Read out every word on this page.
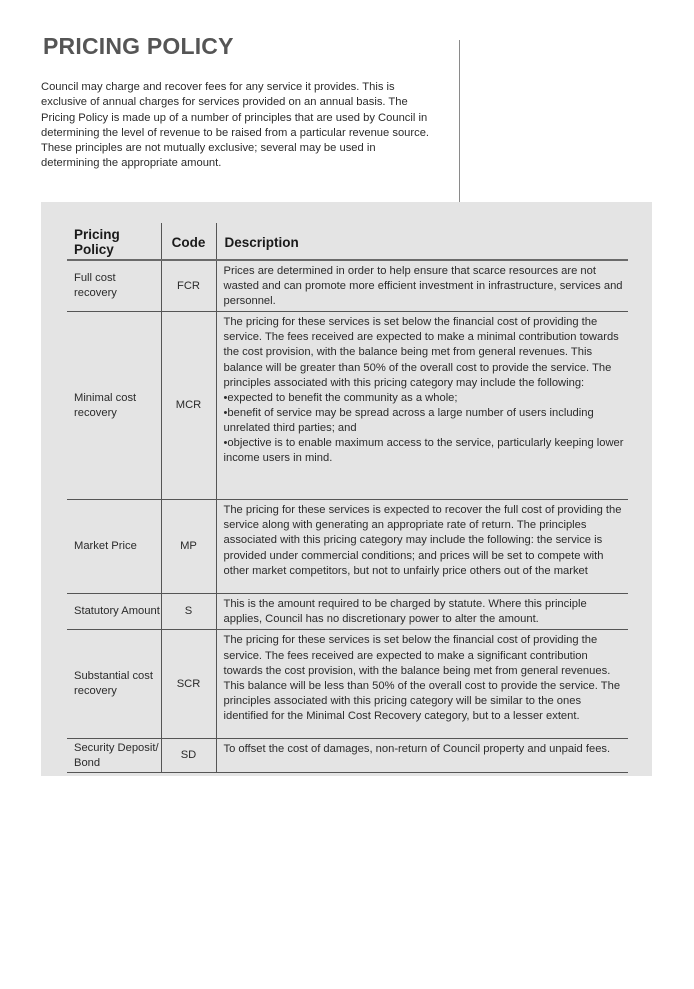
PRICING POLICY

Council may charge and recover fees for any service it provides. This is exclusive of annual charges for services provided on an annual basis. The Pricing Policy is made up of a number of principles that are used by Council in determining the level of revenue to be raised from a particular revenue source. These principles are not mutually exclusive; several may be used in determining the appropriate amount.

Pricing Policy	Code	Description
Full cost recovery	FCR	Prices are determined in order to help ensure that scarce resources are not wasted and can promote more efficient investment in infrastructure, services and personnel.

Minimal cost recovery	MCR	The pricing for these services is set below the financial cost of providing the service. The fees received are expected to make a minimal contribution towards the cost provision, with the balance being met from general revenues. This balance will be greater than 50% of the overall cost to provide the service. The principles associated with this pricing category may include the following:

•expected to benefit the community as a whole;

•benefit of service may be spread across a large number of users including unrelated third parties; and

•objective is to enable maximum access to the service, particularly keeping lower income users in mind.

Market Price	MP	The pricing for these services is expected to recover the full cost of providing the service along with generating an appropriate rate of return. The principles associated with this pricing category may include the following: the service is provided under commercial conditions; and prices will be set to compete with other market competitors, but not to unfairly price others out of the market

Statutory Amount	S	This is the amount required to be charged by statute. Where this principle applies, Council has no discretionary power to alter the amount.

Substantial cost recovery	SCR	The pricing for these services is set below the financial cost of providing the service. The fees received are expected to make a significant contribution towards the cost provision, with the balance being met from general revenues. This balance will be less than 50% of the overall cost to provide the service. The principles associated with this pricing category will be similar to the ones identified for the Minimal Cost Recovery category, but to a lesser extent.

Security Deposit/ Bond	SD	To offset the cost of damages, non-return of Council property and unpaid fees.
